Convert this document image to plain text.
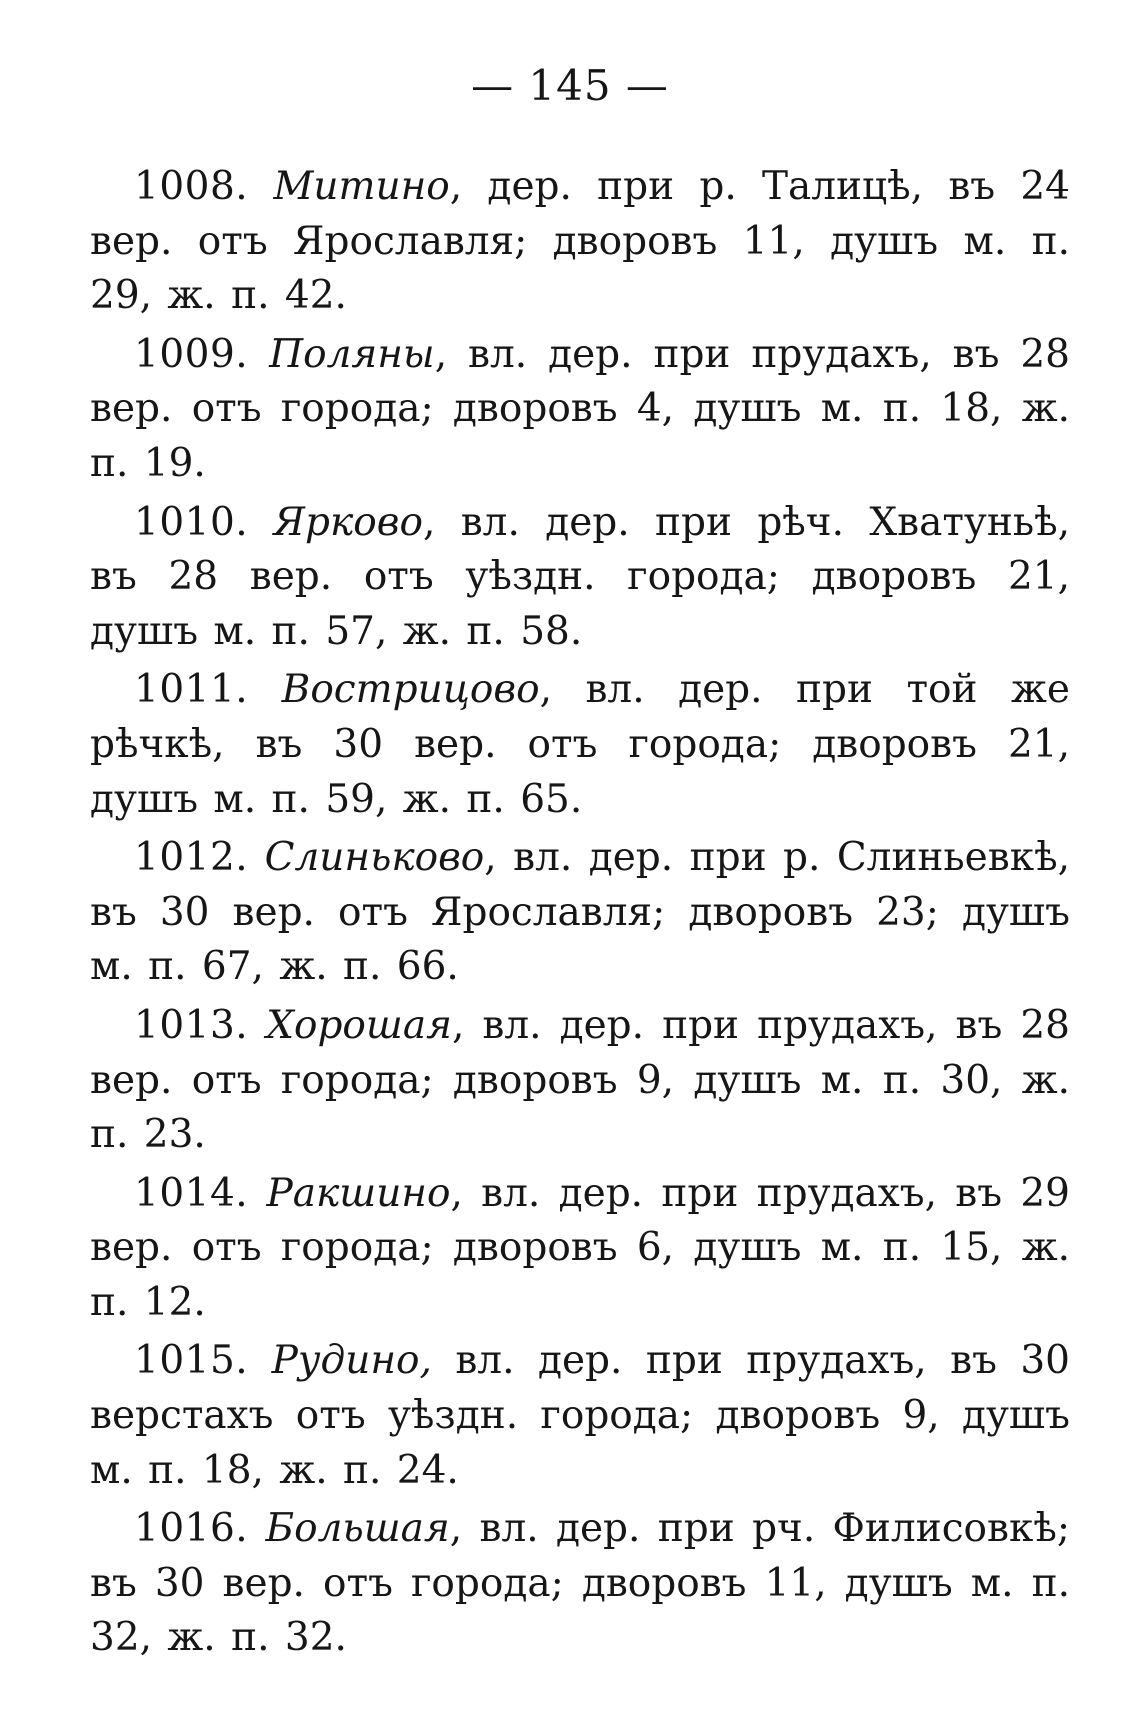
— 145 —

1008. Митино, дер. при р. Талицѣ, въ 24 вер. отъ Ярославля; дворовъ 11, душъ м. п. 29, ж. п. 42.

1009. Поляны, вл. дер. при прудахъ, въ 28 вер. отъ города; дворовъ 4, душъ м. п. 18, ж. п. 19.

1010. Ярково, вл. дер. при рѣч. Хватуньѣ, въ 28 вер. отъ уѣздн. города; дворовъ 21, душъ м. п. 57, ж. п. 58.

1011. Вострицово, вл. дер. при той же рѣчкѣ, въ 30 вер. отъ города; дворовъ 21, душъ м. п. 59, ж. п. 65.

1012. Слиньково, вл. дер. при р. Слиньевкѣ, въ 30 вер. отъ Ярославля; дворовъ 23; душъ м. п. 67, ж. п. 66.

1013. Хорошая, вл. дер. при прудахъ, въ 28 вер. отъ города; дворовъ 9, душъ м. п. 30, ж. п. 23.

1014. Ракшино, вл. дер. при прудахъ, въ 29 вер. отъ города; дворовъ 6, душъ м. п. 15, ж. п. 12.

1015. Рудино, вл. дер. при прудахъ, въ 30 верстахъ отъ уѣздн. города; дворовъ 9, душъ м. п. 18, ж. п. 24.

1016. Большая, вл. дер. при рч. Филисовкѣ; въ 30 вер. отъ города; дворовъ 11, душъ м. п. 32, ж. п. 32.
